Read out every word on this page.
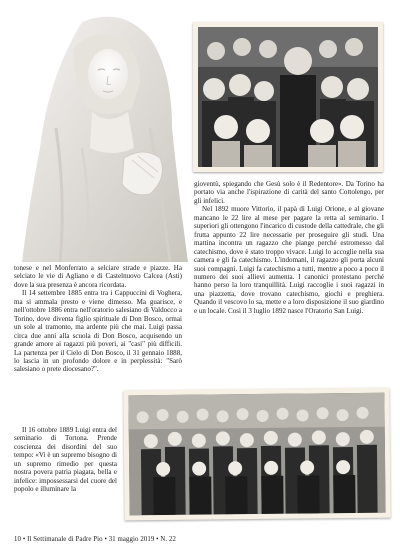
tonese e nel Monferrato a selciare strade e piazze. Ha selciato le vie di Agliano e di Castelnuovo Calcea (Asti) dove la sua presenza è ancora ricordata.

Il 14 settembre 1885 entra tra i Cappuccini di Voghera, ma si ammala presto e viene dimesso. Ma guarisce, e nell'ottobre 1886 entra nell'oratorio salesiano di Valdocco a Torino, dove diventa figlio spirituale di Don Bosco, ormai un sole al tramonto, ma ardente più che mai. Luigi passa circa due anni alla scuola di Don Bosco, acquisendo un grande amore ai ragazzi più poveri, ai "casi" più difficili. La partenza per il Cielo di Don Bosco, il 31 gennaio 1888, lo lascia in un profondo dolore e in perplessità: "Sarò salesiano o prete diocesano?".

Il 16 ottobre 1889 Luigi entra del seminario di Tortona. Prende coscienza dei disordini del suo tempo: «Vi è un supremo bisogno di un supremo rimedio per questa nostra povera patria piagata, bella e infelice: impossessarsi del cuore del popolo e illuminare la

gioventù, spiegando che Gesù solo è il Redentore». Da Torino ha portato via anche l'ispirazione di carità del santo Cottolengo, per gli infelici.

Nel 1892 muore Vittorio, il papà di Luigi Orione, e al giovane mancano le 22 lire al mese per pagare la retta al seminario. I superiori gli ottengono l'incarico di custode della cattedrale, che gli frutta appunto 22 lire necessarie per proseguire gli studi. Una mattina incontra un ragazzo che piange perché estromesso dal catechismo, dove è stato troppo vivace. Luigi lo accoglie nella sua camera e gli fa catechismo. L'indomani, il ragazzo gli porta alcuni suoi compagni. Luigi fa catechismo a tutti, mentre a poco a poco il numero dei suoi allievi aumenta. I canonici protestano perché hanno perso la loro tranquillità. Luigi raccoglie i suoi ragazzi in una piazzetta, dove trovano catechismo, giochi e preghiera. Quando il vescovo lo sa, mette e a loro disposizione il suo giardino e un locale. Così il 3 luglio 1892 nasce l'Oratorio San Luigi.

10 • Il Settimanale di Padre Pio • 31 maggio 2019 • N. 22
